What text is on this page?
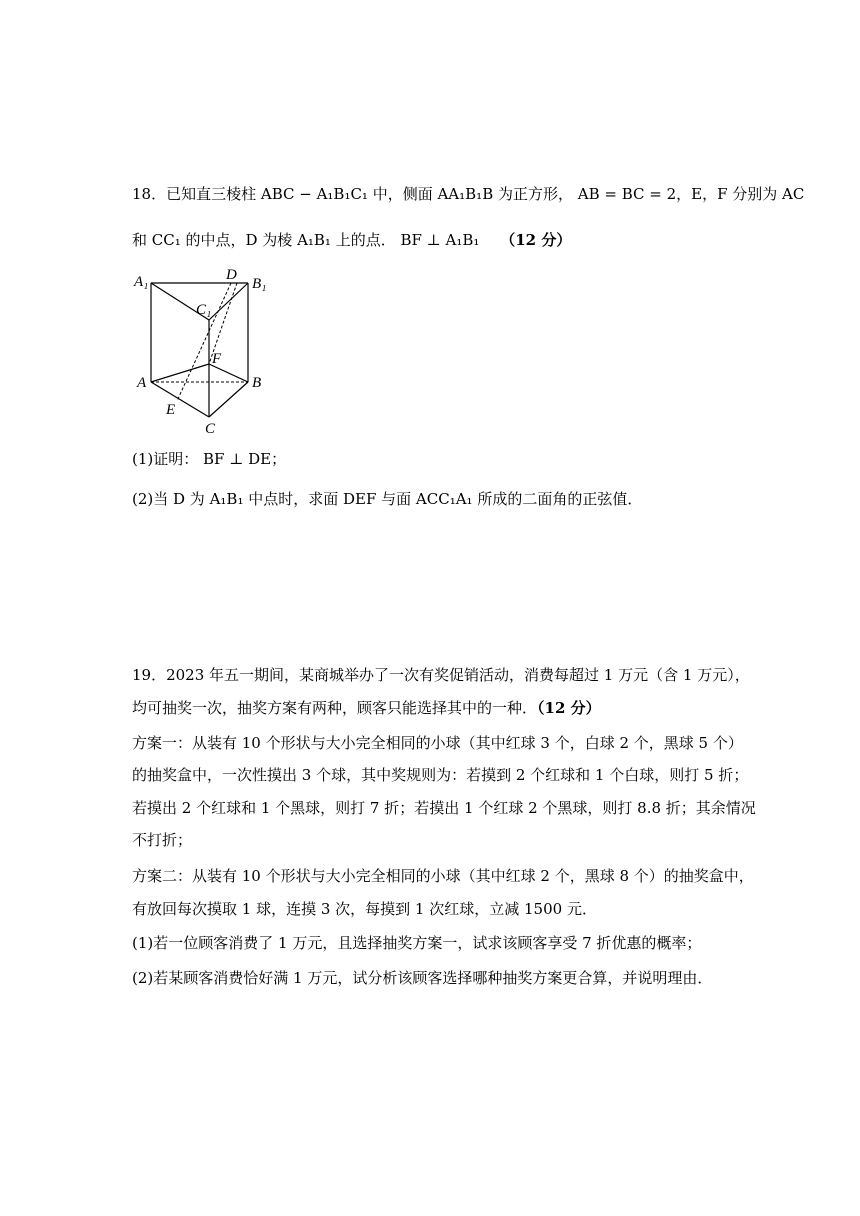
18．已知直三棱柱 ABC − A₁B₁C₁ 中，侧面 AA₁B₁B 为正方形， AB = BC = 2，E，F 分别为 AC
和 CC₁ 的中点，D 为棱 A₁B₁ 上的点． BF ⊥ A₁B₁ （12 分）
A₁	D
B₁
C₁
F
A	B
E
C
(1)证明： BF ⊥ DE；
(2)当 D 为 A₁B₁ 中点时，求面 DEF 与面 ACC₁A₁ 所成的二面角的正弦值．
19．2023 年五一期间，某商城举办了一次有奖促销活动，消费每超过 1 万元（含 1 万元），
均可抽奖一次，抽奖方案有两种，顾客只能选择其中的一种．（12 分）
方案一：从装有 10 个形状与大小完全相同的小球（其中红球 3 个，白球 2 个，黑球 5 个）
的抽奖盒中，一次性摸出 3 个球，其中奖规则为：若摸到 2 个红球和 1 个白球，则打 5 折；
若摸出 2 个红球和 1 个黑球，则打 7 折；若摸出 1 个红球 2 个黑球，则打 8.8 折；其余情况
不打折；
方案二：从装有 10 个形状与大小完全相同的小球（其中红球 2 个，黑球 8 个）的抽奖盒中，
有放回每次摸取 1 球，连摸 3 次，每摸到 1 次红球，立减 1500 元．
(1)若一位顾客消费了 1 万元，且选择抽奖方案一，试求该顾客享受 7 折优惠的概率；
(2)若某顾客消费恰好满 1 万元，试分析该顾客选择哪种抽奖方案更合算，并说明理由．
